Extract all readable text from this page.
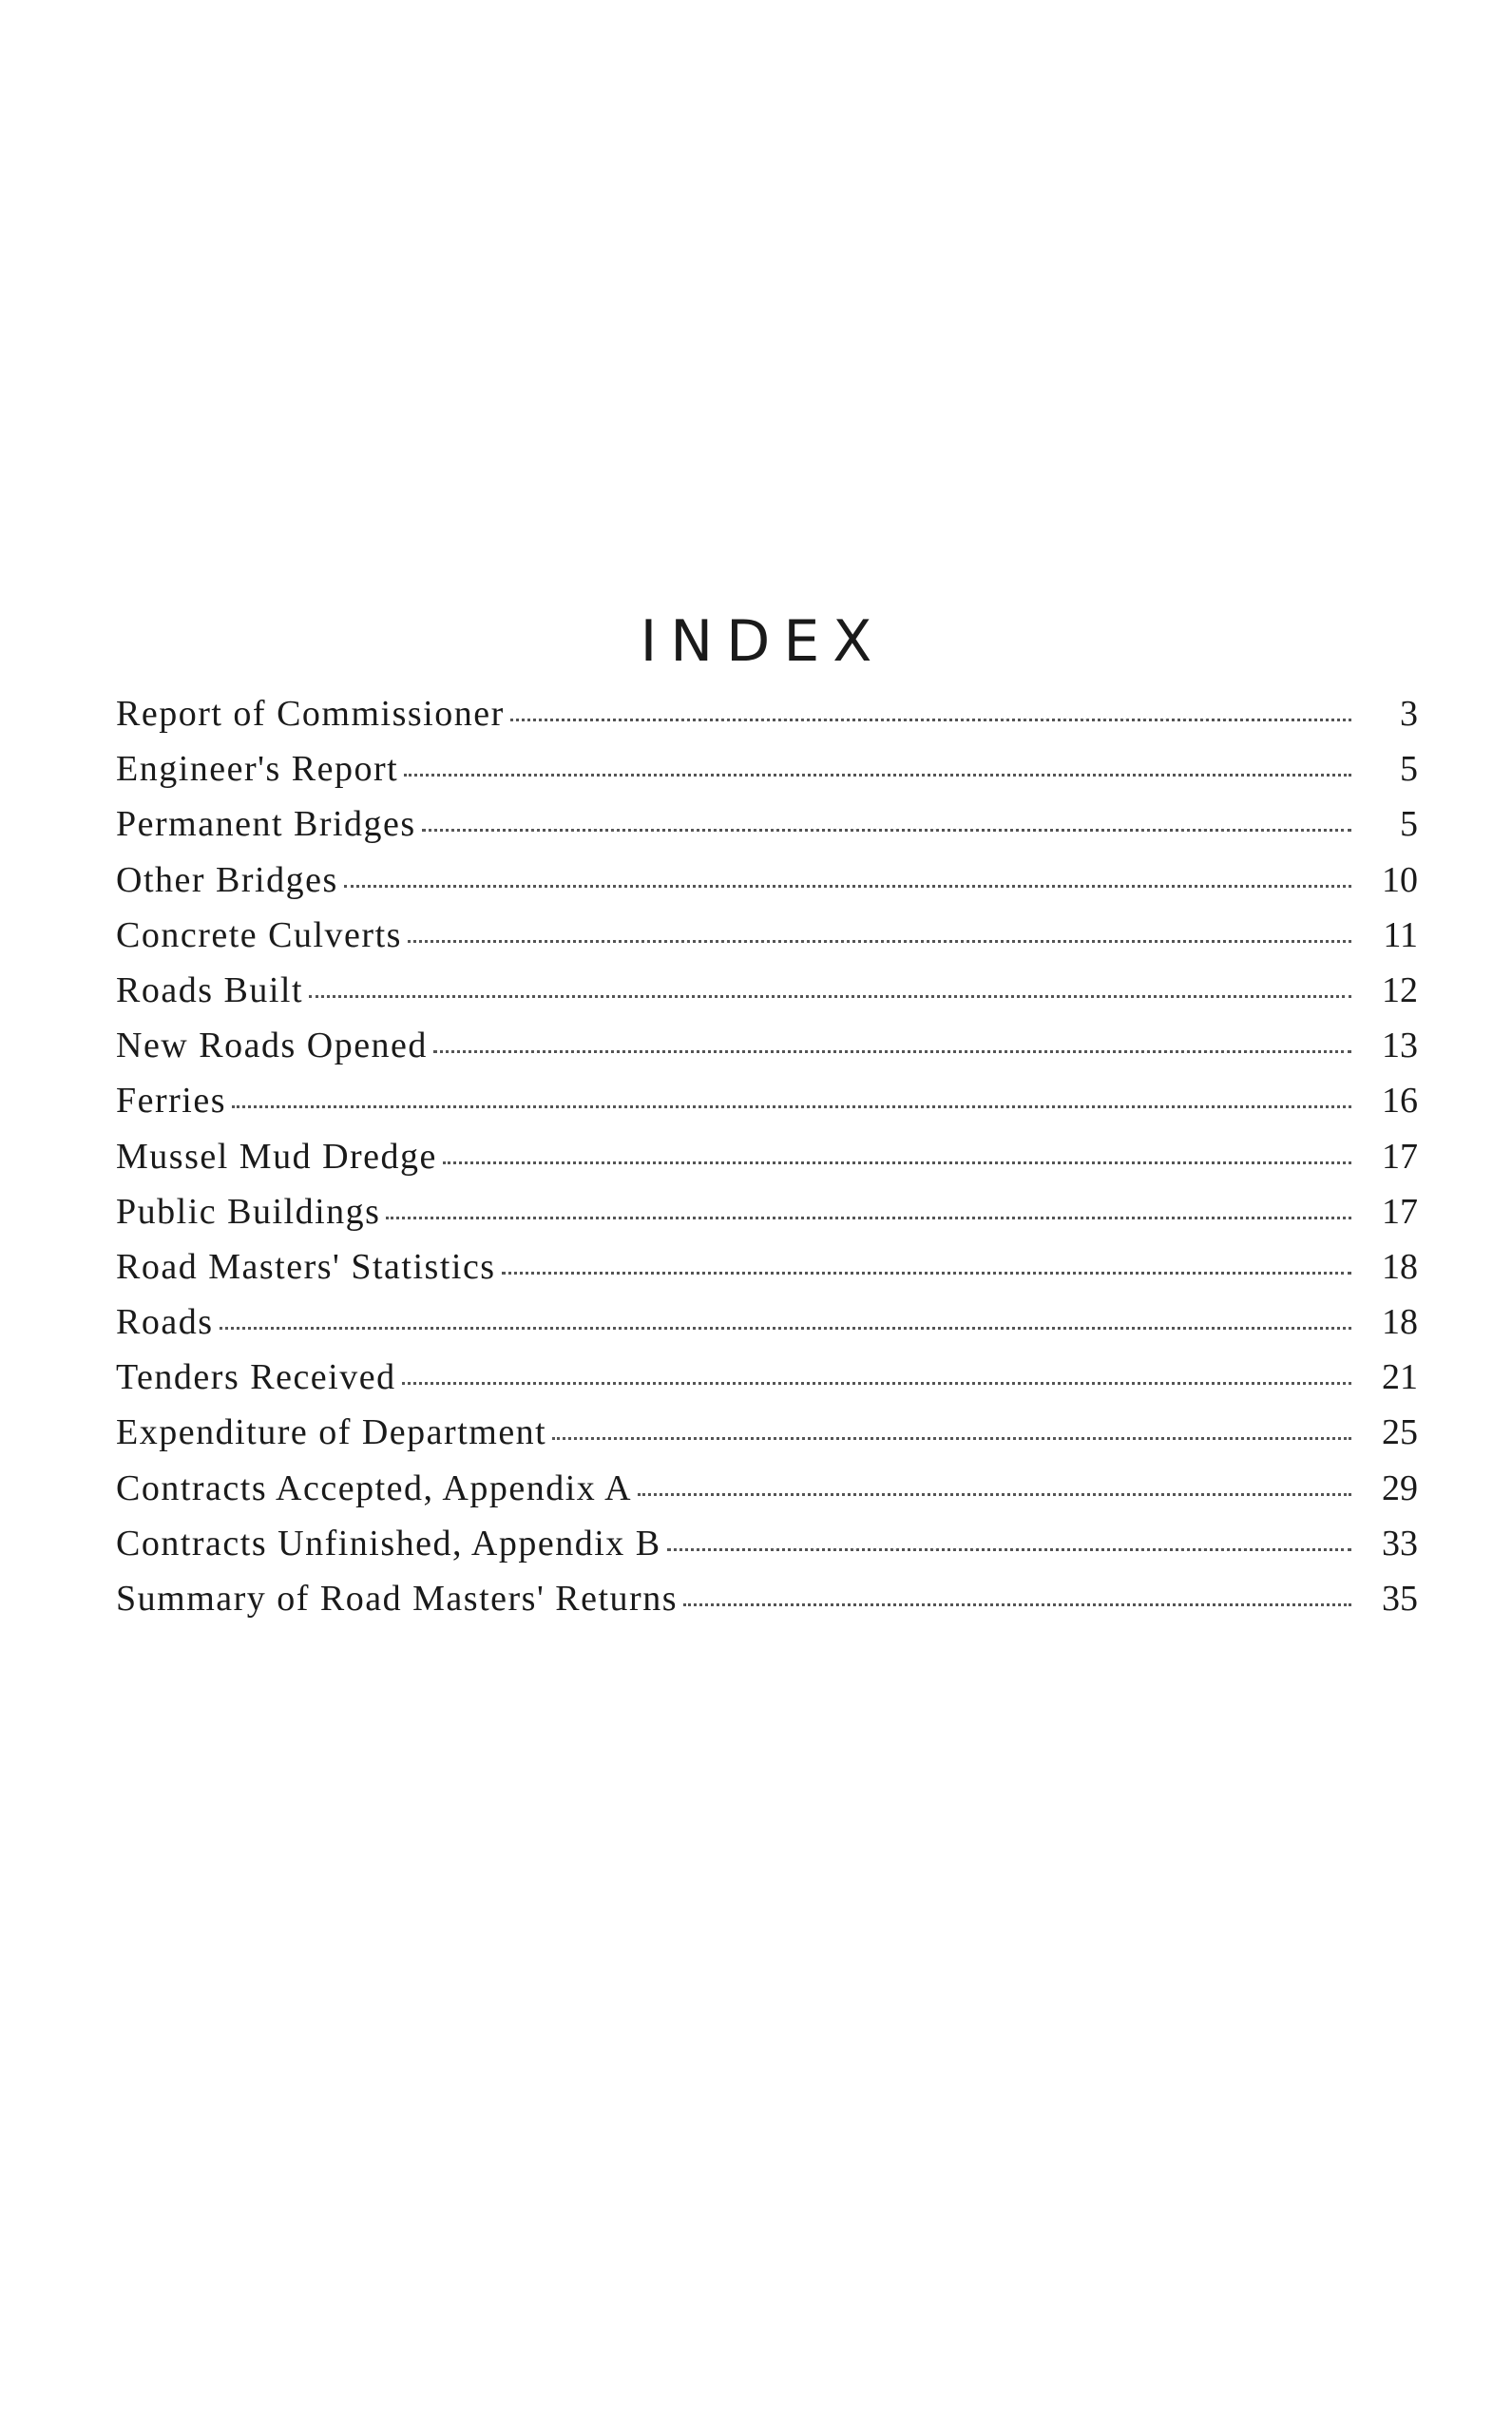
INDEX
Report of Commissioner	3
Engineer's Report	5
Permanent Bridges	5
Other Bridges	10
Concrete Culverts	11
Roads Built	12
New Roads Opened	13
Ferries	16
Mussel Mud Dredge	17
Public Buildings	17
Road Masters' Statistics	18
Roads	18
Tenders Received	21
Expenditure of Department	25
Contracts Accepted, Appendix A	29
Contracts Unfinished, Appendix B	33
Summary of Road Masters' Returns	35
